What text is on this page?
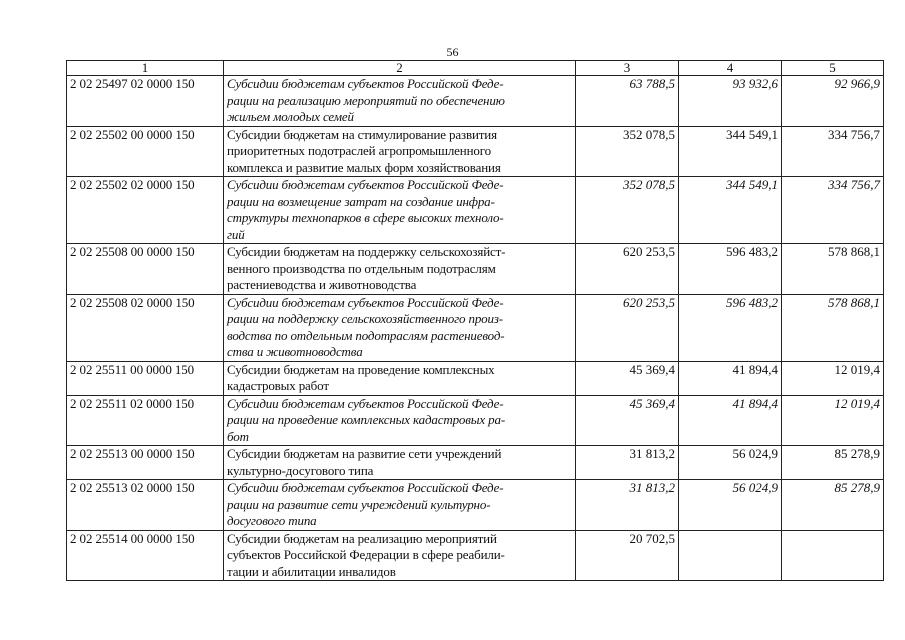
56
1	2	3	4	5
2 02 25497 02 0000 150	Субсидии бюджетам субъектов Российской Феде-
рации на реализацию мероприятий по обеспечению
жильем молодых семей	63 788,5	93 932,6	92 966,9
2 02 25502 00 0000 150	Субсидии бюджетам на стимулирование развития
приоритетных подотраслей агропромышленного
комплекса и развитие малых форм хозяйствования	352 078,5	344 549,1	334 756,7
2 02 25502 02 0000 150	Субсидии бюджетам субъектов Российской Феде-
рации на возмещение затрат на создание инфра-
структуры технопарков в сфере высоких техноло-
гий	352 078,5	344 549,1	334 756,7
2 02 25508 00 0000 150	Субсидии бюджетам на поддержку сельскохозяйст-
венного производства по отдельным подотраслям
растениеводства и животноводства	620 253,5	596 483,2	578 868,1
2 02 25508 02 0000 150	Субсидии бюджетам субъектов Российской Феде-
рации на поддержку сельскохозяйственного произ-
водства по отдельным подотраслям растениевод-
ства и животноводства	620 253,5	596 483,2	578 868,1
2 02 25511 00 0000 150	Субсидии бюджетам на проведение комплексных
кадастровых работ	45 369,4	41 894,4	12 019,4
2 02 25511 02 0000 150	Субсидии бюджетам субъектов Российской Феде-
рации на проведение комплексных кадастровых ра-
бот	45 369,4	41 894,4	12 019,4
2 02 25513 00 0000 150	Субсидии бюджетам на развитие сети учреждений
культурно-досугового типа	31 813,2	56 024,9	85 278,9
2 02 25513 02 0000 150	Субсидии бюджетам субъектов Российской Феде-
рации на развитие сети учреждений культурно-
досугового типа	31 813,2	56 024,9	85 278,9
2 02 25514 00 0000 150	Субсидии бюджетам на реализацию мероприятий
субъектов Российской Федерации в сфере реабили-
тации и абилитации инвалидов	20 702,5		
